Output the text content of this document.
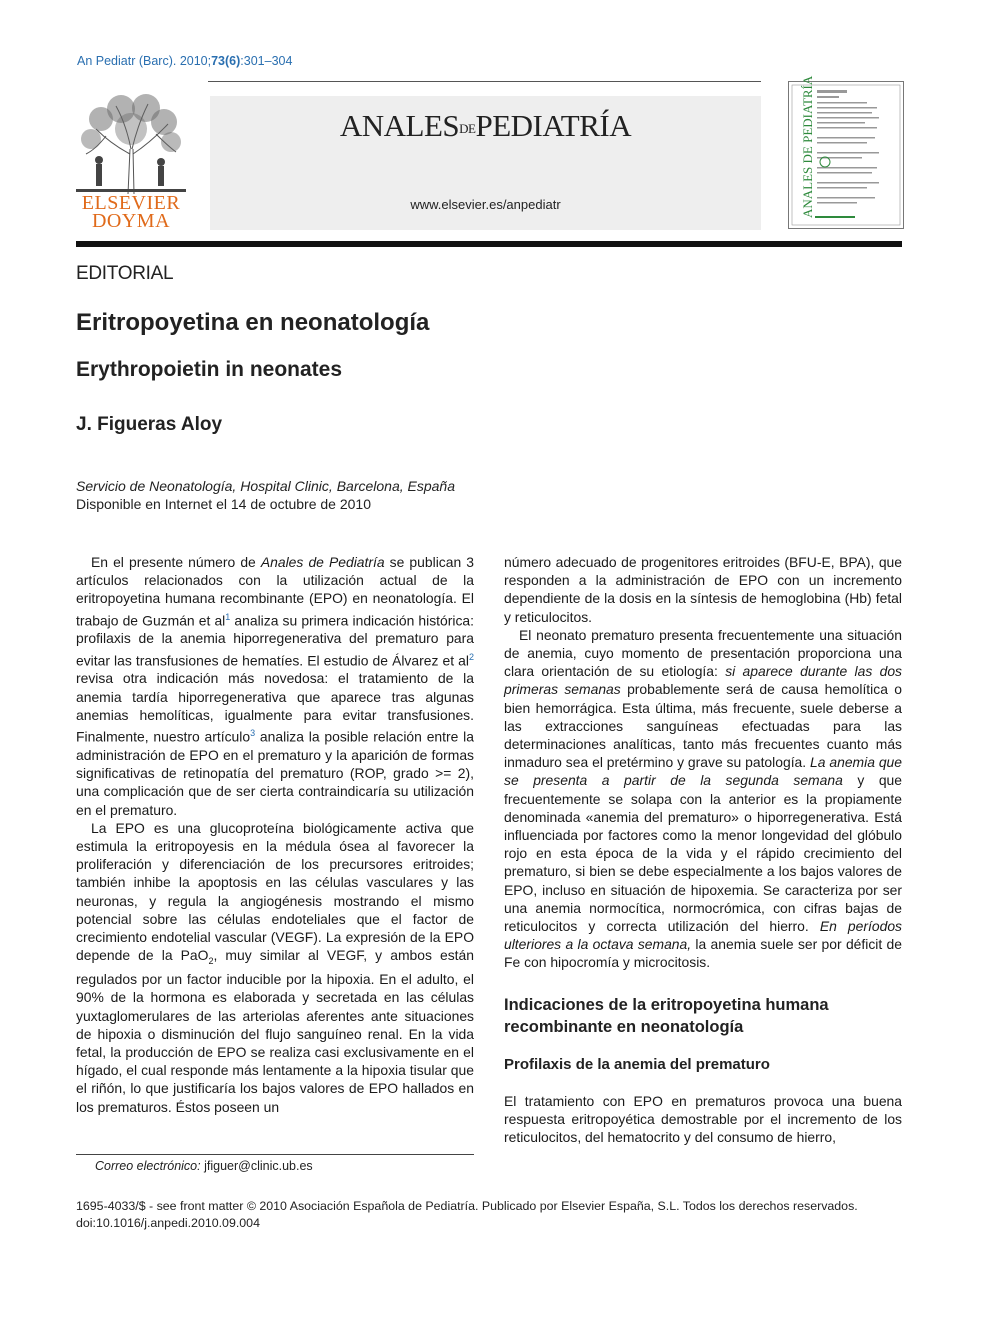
An Pediatr (Barc). 2010;73(6):301–304
ELSEVIER
DOYMA
ANALESDEPEDIATRÍA
www.elsevier.es/anpediatr	ANALES DE PEDIATRÍA
EDITORIAL
Eritropoyetina en neonatología
Erythropoietin in neonates
J. Figueras Aloy
Servicio de Neonatología, Hospital Clinic, Barcelona, España
Disponible en Internet el 14 de octubre de 2010

En el presente número de Anales de Pediatría se publican 3 artículos relacionados con la utilización actual de la eritropoyetina humana recombinante (EPO) en neonatología. El trabajo de Guzmán et $al^1$ analiza su primera indicación histórica: profilaxis de la anemia hiporregenerativa del prematuro para evitar las transfusiones de hematíes. El estudio de Álvarez et $al^2$ revisa otra indicación más novedosa: el tratamiento de la anemia tardía hiporregenerativa que aparece tras algunas anemias hemolíticas, igualmente para evitar transfusiones. Finalmente, nuestro artículo$^3$ analiza la posible relación entre la administración de EPO en el prematuro y la aparición de formas significativas de retinopatía del prematuro (ROP, grado >= 2), una complicación que de ser cierta contraindicaría su utilización en el prematuro.

La EPO es una glucoproteína biológicamente activa que estimula la eritropoyesis en la médula ósea al favorecer la proliferación y diferenciación de los precursores eritroides; también inhibe la apoptosis en las células vasculares y las neuronas, y regula la angiogénesis mostrando el mismo potencial sobre las células endoteliales que el factor de crecimiento endotelial vascular (VEGF). La expresión de la EPO depende de la PaO$_2$, muy similar al VEGF, y ambos están regulados por un factor inducible por la hipoxia. En el adulto, el 90% de la hormona es elaborada y secretada en las células yuxtaglomerulares de las arteriolas aferentes ante situaciones de hipoxia o disminución del flujo sanguíneo renal. En la vida fetal, la producción de EPO se realiza casi exclusivamente en el hígado, el cual responde más lentamente a la hipoxia tisular que el riñón, lo que justificaría los bajos valores de EPO hallados en los prematuros. Éstos poseen un

número adecuado de progenitores eritroides (BFU-E, BPA), que responden a la administración de EPO con un incremento dependiente de la dosis en la síntesis de hemoglobina (Hb) fetal y reticulocitos.

El neonato prematuro presenta frecuentemente una situación de anemia, cuyo momento de presentación proporciona una clara orientación de su etiología: si aparece durante las dos primeras semanas probablemente será de causa hemolítica o bien hemorrágica. Esta última, más frecuente, suele deberse a las extracciones sanguíneas efectuadas para las determinaciones analíticas, tanto más frecuentes cuanto más inmaduro sea el pretérmino y grave su patología. La anemia que se presenta a partir de la segunda semana y que frecuentemente se solapa con la anterior es la propiamente denominada «anemia del prematuro» o hiporregenerativa. Está influenciada por factores como la menor longevidad del glóbulo rojo en esta época de la vida y el rápido crecimiento del prematuro, si bien se debe especialmente a los bajos valores de EPO, incluso en situación de hipoxemia. Se caracteriza por ser una anemia normocítica, normocrómica, con cifras bajas de reticulocitos y correcta utilización del hierro. En períodos ulteriores a la octava semana, la anemia suele ser por déficit de Fe con hipocromía y microcitosis.

Indicaciones de la eritropoyetina humana recombinante en neonatología
Profilaxis de la anemia del prematuro

El tratamiento con EPO en prematuros provoca una buena respuesta eritropoyética demostrable por el incremento de los reticulocitos, del hematocrito y del consumo de hierro,

Correo electrónico: jfiguer@clinic.ub.es
1695-4033/$ - see front matter © 2010 Asociación Española de Pediatría. Publicado por Elsevier España, S.L. Todos los derechos reservados.
doi:10.1016/j.anpedi.2010.09.004
